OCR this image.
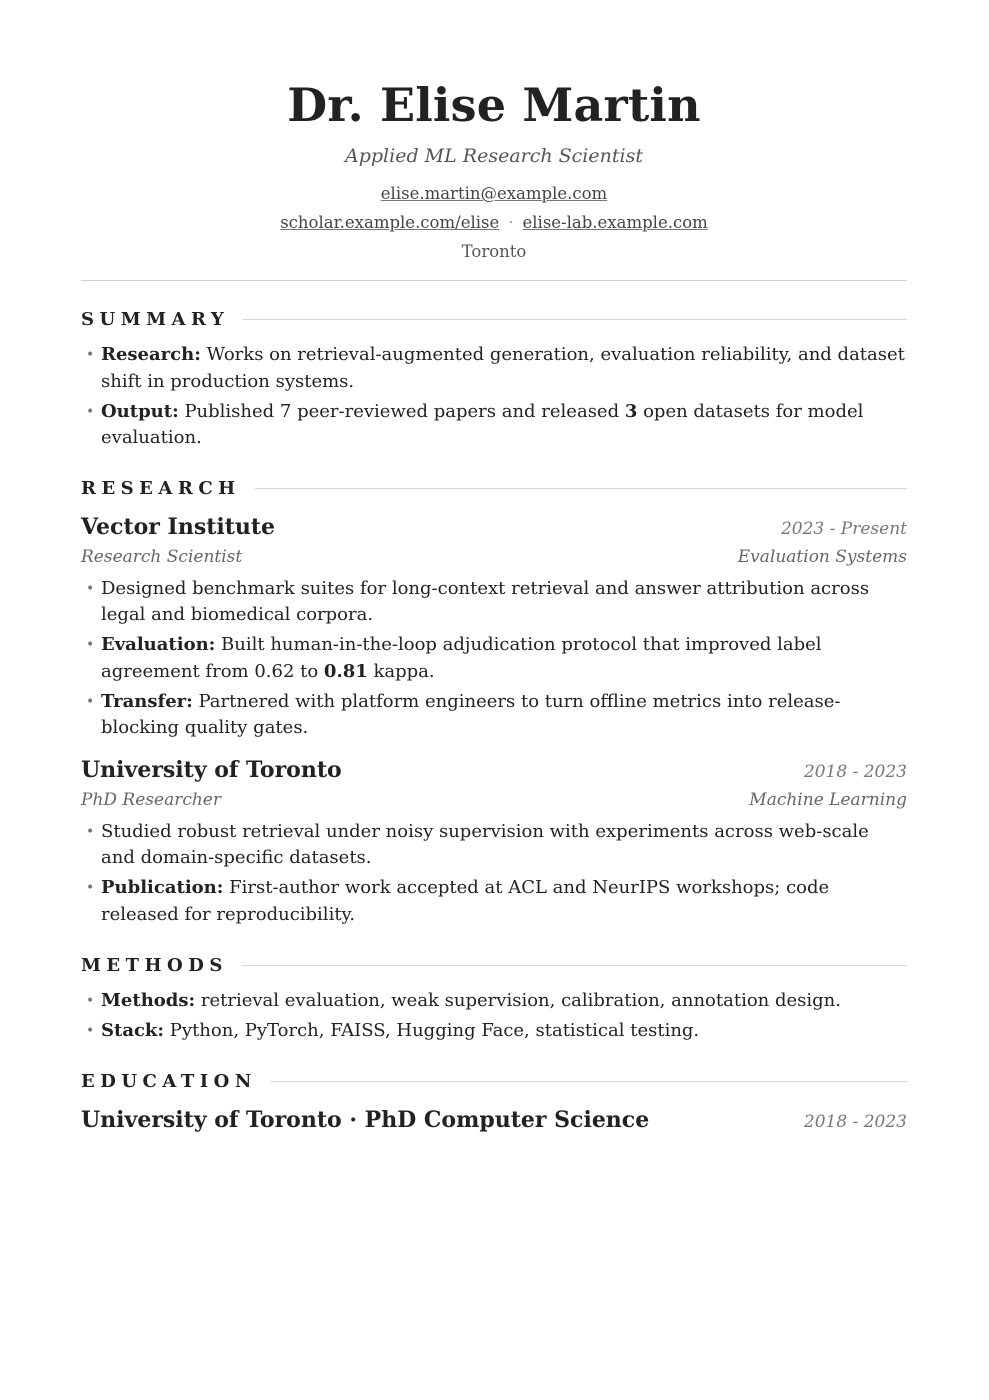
Dr. Elise Martin
Applied ML Research Scientist
elise.martin@example.com
scholar.example.com/elise · elise-lab.example.com
Toronto
SUMMARY
• Research: Works on retrieval-augmented generation, evaluation reliability, and dataset shift in production systems.
• Output: Published 7 peer-reviewed papers and released 3 open datasets for model evaluation.
RESEARCH
Vector Institute	2023 - Present
Research Scientist	Evaluation Systems
• Designed benchmark suites for long-context retrieval and answer attribution across legal and biomedical corpora.
• Evaluation: Built human-in-the-loop adjudication protocol that improved label agreement from 0.62 to 0.81 kappa.
• Transfer: Partnered with platform engineers to turn offline metrics into release-blocking quality gates.
University of Toronto	2018 - 2023
PhD Researcher	Machine Learning
• Studied robust retrieval under noisy supervision with experiments across web-scale and domain-specific datasets.
• Publication: First-author work accepted at ACL and NeurIPS workshops; code released for reproducibility.
METHODS
• Methods: retrieval evaluation, weak supervision, calibration, annotation design.
• Stack: Python, PyTorch, FAISS, Hugging Face, statistical testing.
EDUCATION
University of Toronto · PhD Computer Science	2018 - 2023
